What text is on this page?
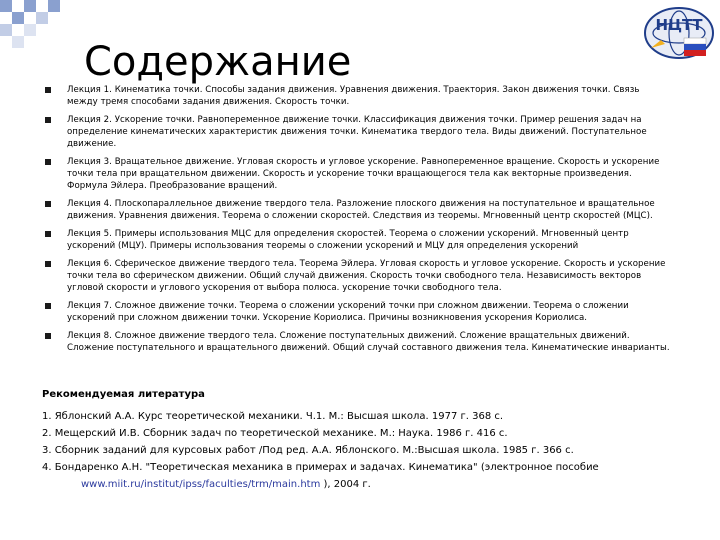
НЦТТ
Содержание
Лекция 1. Кинематика точки. Способы задания движения. Уравнения движения. Траектория. Закон движения точки. Связь между тремя способами задания движения. Скорость точки.
Лекция 2. Ускорение точки. Равнопеременное движение точки. Классификация движения точки. Пример решения задач на определение кинематических характеристик движения точки. Кинематика твердого тела. Виды движений. Поступательное движение.
Лекция 3. Вращательное движение. Угловая скорость и угловое ускорение. Равнопеременное вращение. Скорость и ускорение точки тела при вращательном движении. Скорость и ускорение точки вращающегося тела как векторные произведения. Формула Эйлера. Преобразование вращений.
Лекция 4. Плоскопараллельное движение твердого тела. Разложение плоского движения на поступательное и вращательное движения. Уравнения движения. Теорема о сложении скоростей. Следствия из теоремы. Мгновенный центр скоростей (МЦС).
Лекция 5. Примеры использования МЦС для определения скоростей. Теорема о сложении ускорений. Мгновенный центр ускорений (МЦУ). Примеры использования теоремы о сложении ускорений и МЦУ для определения ускорений
Лекция 6. Сферическое движение твердого тела. Теорема Эйлера. Угловая скорость и угловое ускорение. Скорость и ускорение точки тела во сферическом движении. Общий случай движения. Скорость точки свободного тела. Независимость векторов угловой скорости и углового ускорения от выбора полюса. ускорение точки свободного тела.
Лекция 7. Сложное движение точки. Теорема о сложении ускорений точки при сложном движении. Теорема о сложении ускорений при сложном движении точки. Ускорение Кориолиса. Причины возникновения ускорения Кориолиса.
Лекция 8. Сложное движение твердого тела. Сложение поступательных движений. Сложение вращательных движений. Сложение поступательного и вращательного движений. Общий случай составного движения тела. Кинематические инварианты.

Рекомендуемая литература

1. Яблонский А.А. Курс теоретической механики. Ч.1. М.: Высшая школа. 1977 г. 368 с.

2. Мещерский И.В. Сборник задач по теоретической механике. М.: Наука. 1986 г. 416 с.

3. Сборник заданий для курсовых работ /Под ред. А.А. Яблонского. М.:Высшая школа. 1985 г. 366 с.

4. Бондаренко А.Н. "Теоретическая механика в примерах и задачах. Кинематика" (электронное пособие

www.miit.ru/institut/ipss/faculties/trm/main.htm ), 2004 г.
